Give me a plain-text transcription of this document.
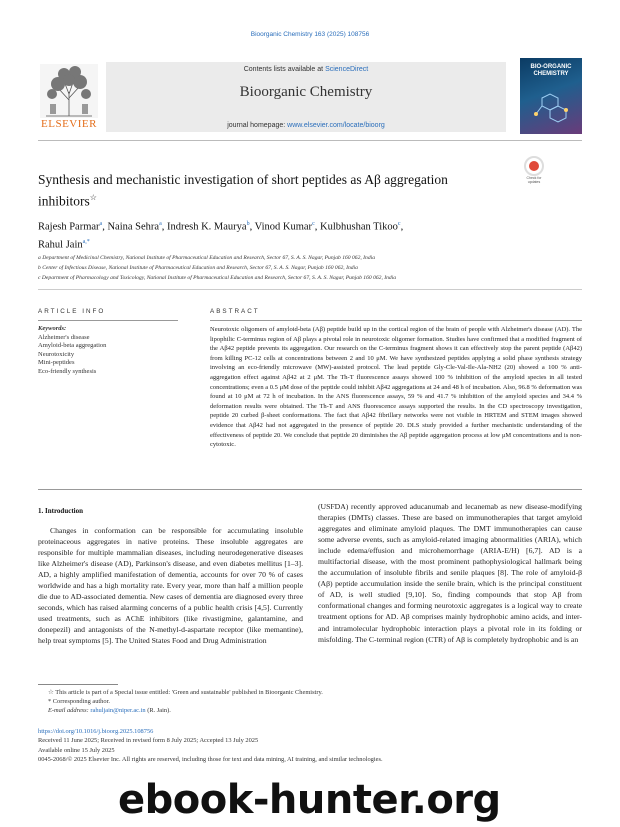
Bioorganic Chemistry 163 (2025) 108756
ELSEVIER
Contents lists available at ScienceDirect
Bioorganic Chemistry
journal homepage: www.elsevier.com/locate/bioorg
BIO-ORGANIC CHEMISTRY
Synthesis and mechanistic investigation of short peptides as Aβ aggregation inhibitors☆
Check for updates
Rajesh Parmar$^a$, Naina Sehra$^a$, Indresh K. Maurya$^b$, Vinod Kumar$^c$, Kulbhushan Tikoo$^c$,
Rahul Jain$^{a,*}$
a Department of Medicinal Chemistry, National Institute of Pharmaceutical Education and Research, Sector 67, S. A. S. Nagar, Punjab 160 062, India
b Center of Infectious Disease, National Institute of Pharmaceutical Education and Research, Sector 67, S. A. S. Nagar, Punjab 160 062, India
c Department of Pharmacology and Toxicology, National Institute of Pharmaceutical Education and Research, Sector 67, S. A. S. Nagar, Punjab 160 062, India
ARTICLE INFO	ABSTRACT
Keywords:
Alzheimer's disease
Amyloid-beta aggregation
Neurotoxicity
Mini-peptides
Eco-friendly synthesis
Neurotoxic oligomers of amyloid-beta (Aβ) peptide build up in the cortical region of the brain of people with Alzheimer's disease (AD). The lipophilic C-terminus region of Aβ plays a pivotal role in neurotoxic oligomer formation. Studies have confirmed that a modified fragment of the Aβ42 peptide prevents its aggregation. Our research on the C-terminus fragment shows it can effectively stop the parent peptide (Aβ42) from killing PC-12 cells at concentrations between 2 and 10 μM. We have synthesized peptides applying a solid phase synthesis strategy involving an eco-friendly microwave (MW)-assisted protocol. The lead peptide Gly-Cle-Val-Ile-Ala-NH2 (20) showed a 100 % anti-aggregation effect against Aβ42 at 2 μM. The Th-T fluorescence assays showed 100 % inhibition of the amyloid species in all tested concentrations; even a 0.5 μM dose of the peptide could inhibit Aβ42 aggregations at 24 and 48 h of incubation. Also, 96.8 % deformation was found at 10 μM at 72 h of incubation. In the ANS fluorescence assays, 59 % and 41.7 % inhibition of the amyloid species and 34.4 % deformation results were obtained. The Th-T and ANS fluorescence assays supported the results. In the CD spectroscopy investigation, peptide 20 curbed β-sheet conformations. The fact that Aβ42 fibrillary networks were not visible in HRTEM and STEM images showed evidence that Aβ42 had not aggregated in the presence of peptide 20. DLS study provided a further mechanistic understanding of the effectiveness of peptide 20. We conclude that peptide 20 diminishes the Aβ peptide aggregation process at low μM concentrations and is non-cytotoxic.
1. Introduction
Changes in conformation can be responsible for accumulating insoluble proteinaceous aggregates in native proteins. These insoluble aggregates are responsible for multiple mammalian diseases, including neurodegenerative diseases like Alzheimer's disease (AD), Parkinson's disease, and even diabetes mellitus [1–3]. AD, a highly amplified manifestation of dementia, accounts for over 70 % of cases worldwide and has a high mortality rate. Every year, more than half a million people die due to AD-associated dementia. New cases of dementia are diagnosed every three seconds, which has raised alarming concerns of a public health crisis [4,5]. Currently used treatments, such as AChE inhibitors (like rivastigmine, galantamine, and donepezil) and antagonists of the N-methyl-d-aspartate receptor (like memantine), help treat symptoms [5]. The United States Food and Drug Administration
(USFDA) recently approved aducanumab and lecanemab as new disease-modifying therapies (DMTs) classes. These are based on immunotherapies that target amyloid aggregates and eliminate amyloid plaques. The DMT immunotherapies can cause some adverse events, such as amyloid-related imaging abnormalities (ARIA), which include edema/effusion and microhemorrhage (ARIA-E/H) [6,7]. AD is a multifactorial disease, with the most prominent pathophysiological hallmark being the accumulation of insoluble fibrils and senile plaques [8]. The role of amyloid-β (Aβ) peptide accumulation inside the senile brain, which is the principal constituent of AD, is well studied [9,10]. So, finding compounds that stop Aβ from conformational changes and forming neurotoxic aggregates is a logical way to create treatment options for AD. Aβ comprises mainly hydrophobic amino acids, and inter- and intramolecular hydrophobic interaction plays a pivotal role in its folding or misfolding. The C-terminal region (CTR) of Aβ is completely hydrophobic and is an
☆ This article is part of a Special issue entitled: 'Green and sustainable' published in Bioorganic Chemistry.
* Corresponding author.
E-mail address: rahuljain@niper.ac.in (R. Jain).
https://doi.org/10.1016/j.bioorg.2025.108756
Received 11 June 2025; Received in revised form 8 July 2025; Accepted 13 July 2025
Available online 15 July 2025
0045-2068/© 2025 Elsevier Inc. All rights are reserved, including those for text and data mining, AI training, and similar technologies.
ebook-hunter.org
